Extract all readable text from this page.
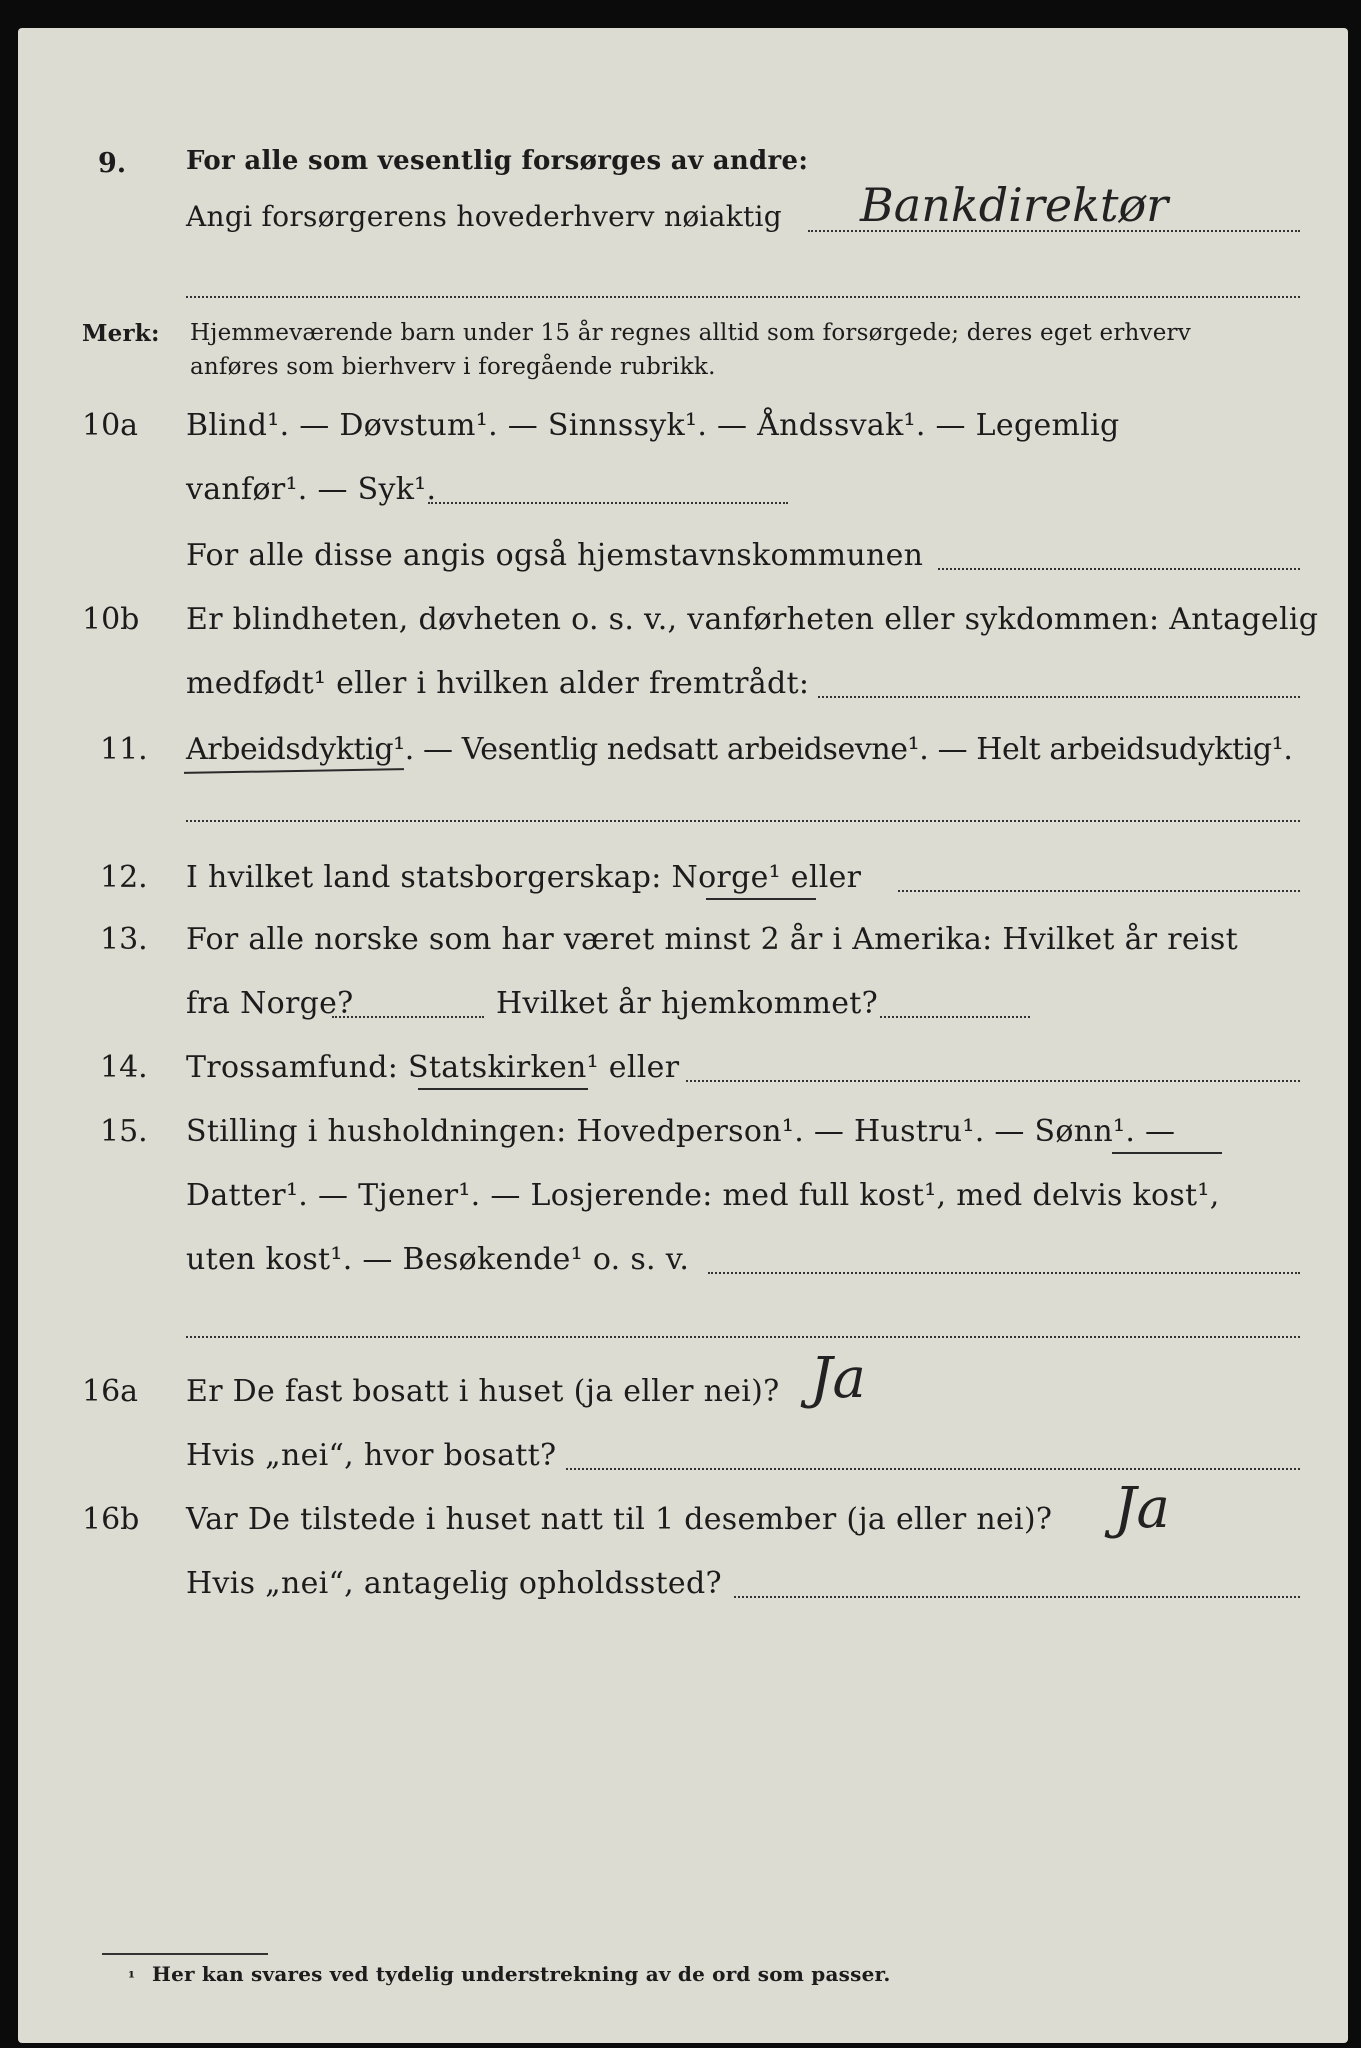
9. For alle som vesentlig forsørges av andre:
Angi forsørgerens hovederhverv nøiaktig Bankdirektør
Merk: Hjemmeværende barn under 15 år regnes alltid som forsørgede; deres eget erhverv
anføres som bierhverv i foregående rubrikk.
10a Blind¹. — Døvstum¹. — Sinnssyk¹. — Åndssvak¹. — Legemlig
vanfør¹. — Syk¹.
For alle disse angis også hjemstavnskommunen
10b Er blindheten, døvheten o. s. v., vanførheten eller sykdommen: Antagelig
medfødt¹ eller i hvilken alder fremtrådt:
11. Arbeidsdyktig¹. — Vesentlig nedsatt arbeidsevne¹. — Helt arbeidsudyktig¹.
12. I hvilket land statsborgerskap: Norge¹ eller
13. For alle norske som har været minst 2 år i Amerika: Hvilket år reist
fra Norge?	Hvilket år hjemkommet?
14. Trossamfund: Statskirken¹ eller
15. Stilling i husholdningen: Hovedperson¹. — Hustru¹. — Sønn¹. —
Datter¹. — Tjener¹. — Losjerende: med full kost¹, med delvis kost¹,
uten kost¹. — Besøkende¹ o. s. v.
16a Er De fast bosatt i huset (ja eller nei)? Ja
Hvis „nei“, hvor bosatt?
16b Var De tilstede i huset natt til 1 desember (ja eller nei)? Ja
Hvis „nei“, antagelig opholdssted?
¹ Her kan svares ved tydelig understrekning av de ord som passer.
